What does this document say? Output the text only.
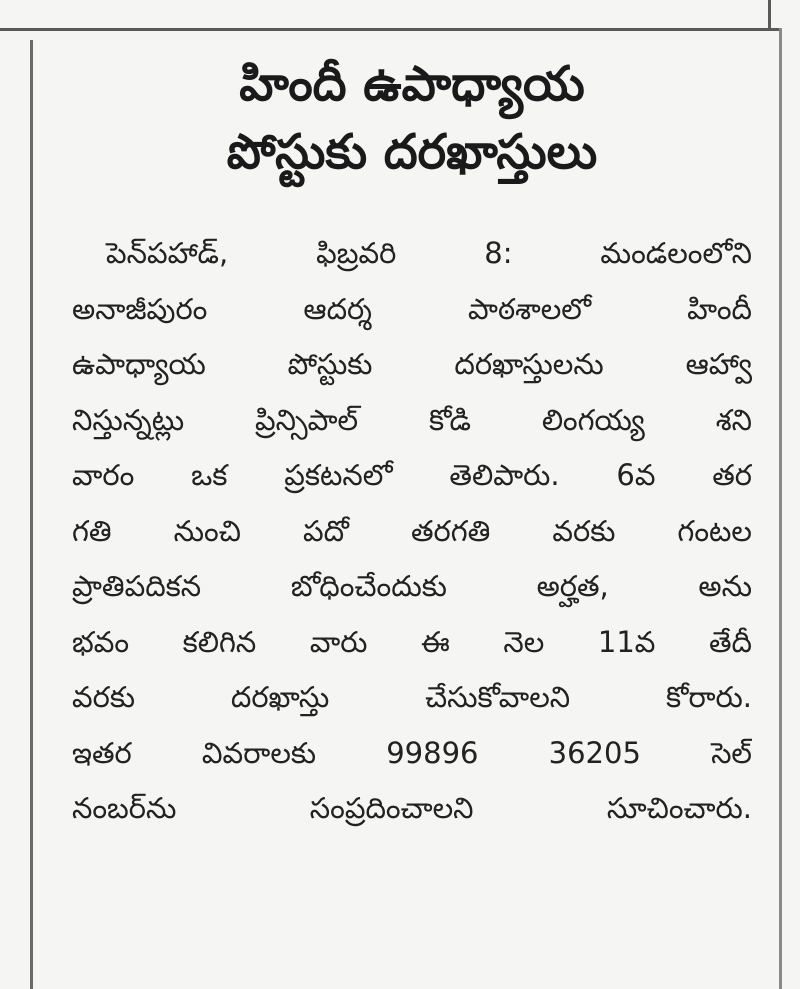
హిందీ ఉపాధ్యాయ
పోస్టుకు దరఖాస్తులు
పెన్‌పహాడ్, ఫిబ్రవరి 8: మండలంలోని
అనాజీపురం ఆదర్శ పాఠశాలలో హిందీ
ఉపాధ్యాయ పోస్టుకు దరఖాస్తులను ఆహ్వా
నిస్తున్నట్లు ప్రిన్సిపాల్ కోడి లింగయ్య శని
వారం ఒక ప్రకటనలో తెలిపారు. 6వ తర
గతి నుంచి పదో తరగతి వరకు గంటల
ప్రాతిపదికన బోధించేందుకు అర్హత, అను
భవం కలిగిన వారు ఈ నెల 11వ తేదీ
వరకు దరఖాస్తు చేసుకోవాలని కోరారు.
ఇతర వివరాలకు 99896 36205 సెల్
నంబర్‌ను సంప్రదించాలని సూచించారు.
